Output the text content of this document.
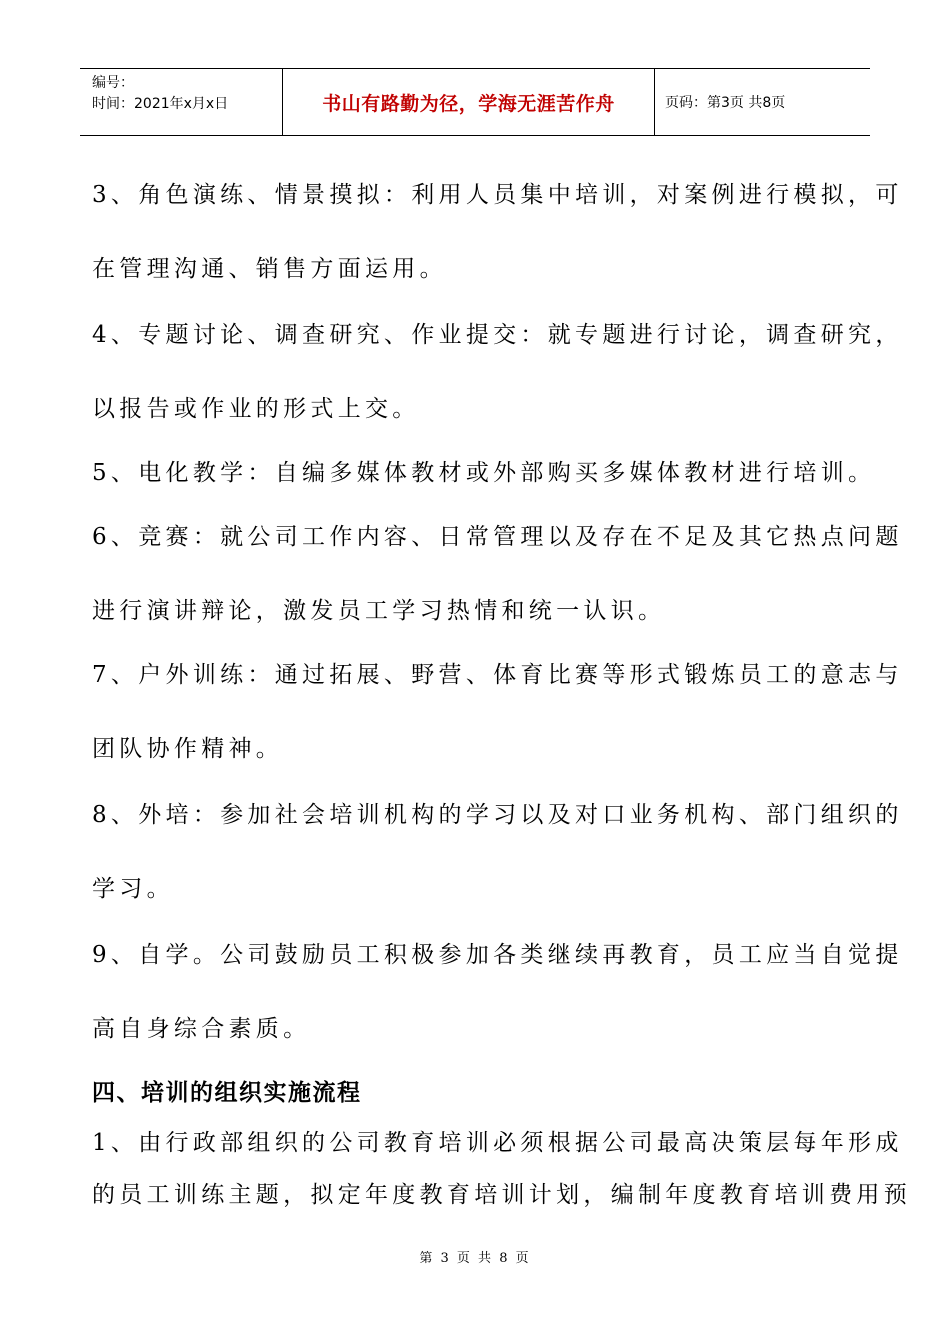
编号：
时间：2021年x月x日	书山有路勤为径，学海无涯苦作舟	页码：第3页 共8页
3、角色演练、情景摸拟：利用人员集中培训，对案例进行模拟，可
在管理沟通、销售方面运用。
4、专题讨论、调查研究、作业提交：就专题进行讨论，调查研究，
以报告或作业的形式上交。
5、电化教学：自编多媒体教材或外部购买多媒体教材进行培训。
6、竞赛：就公司工作内容、日常管理以及存在不足及其它热点问题
进行演讲辩论，激发员工学习热情和统一认识。
7、户外训练：通过拓展、野营、体育比赛等形式锻炼员工的意志与
团队协作精神。
8、外培：参加社会培训机构的学习以及对口业务机构、部门组织的
学习。
9、自学。公司鼓励员工积极参加各类继续再教育，员工应当自觉提
高自身综合素质。
四、培训的组织实施流程
1、由行政部组织的公司教育培训必须根据公司最高决策层每年形成
的员工训练主题，拟定年度教育培训计划，编制年度教育培训费用预
第 3 页 共 8 页
